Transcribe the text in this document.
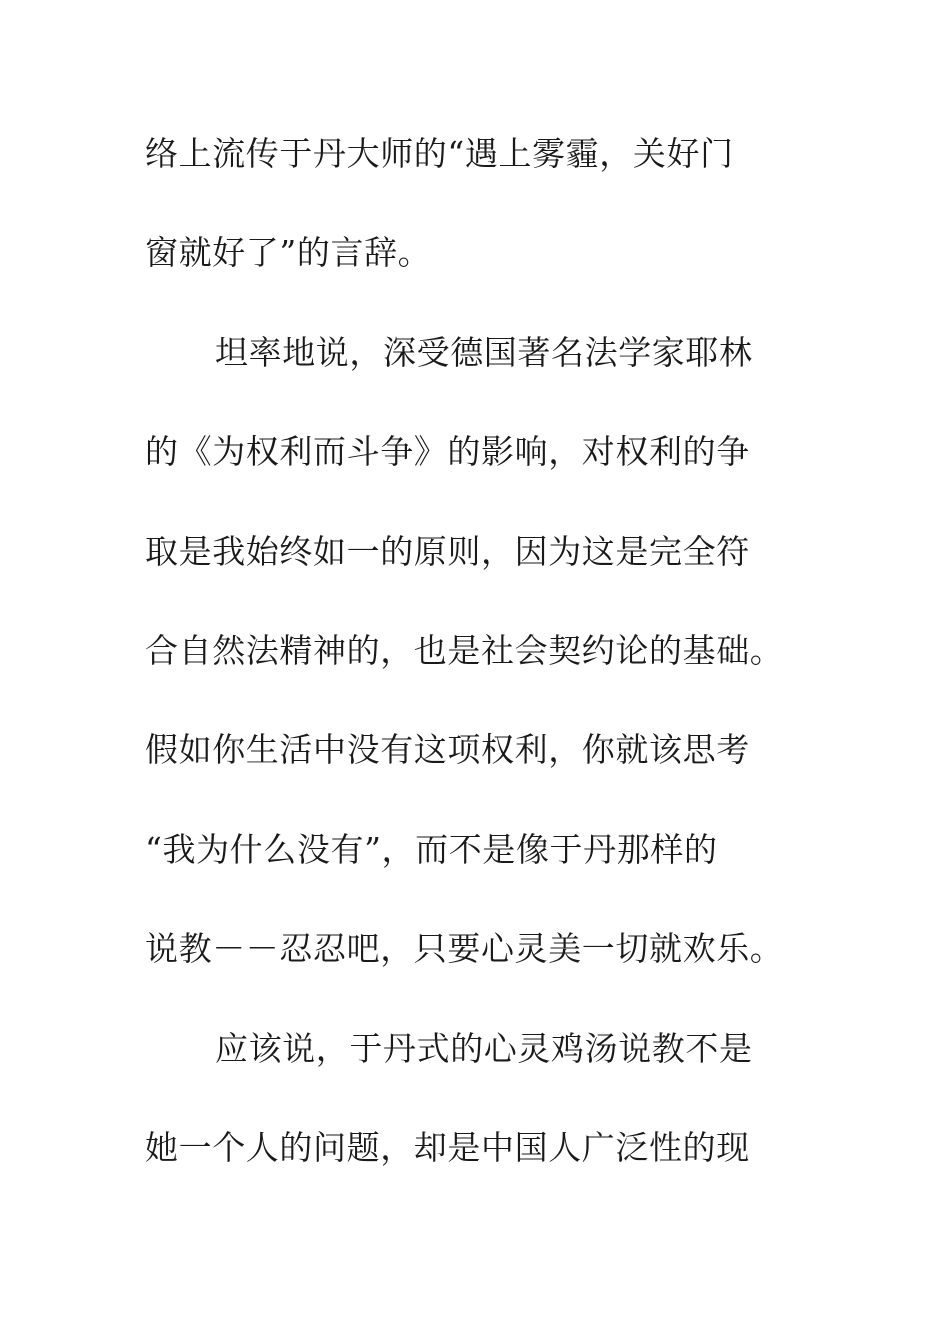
络上流传于丹大师的“遇上雾霾，关好门
窗就好了”的言辞。
坦率地说，深受德国著名法学家耶林
的《为权利而斗争》的影响，对权利的争
取是我始终如一的原则，因为这是完全符
合自然法精神的，也是社会契约论的基础。
假如你生活中没有这项权利，你就该思考
“我为什么没有”，而不是像于丹那样的
说教－－忍忍吧，只要心灵美一切就欢乐。
应该说，于丹式的心灵鸡汤说教不是
她一个人的问题，却是中国人广泛性的现
